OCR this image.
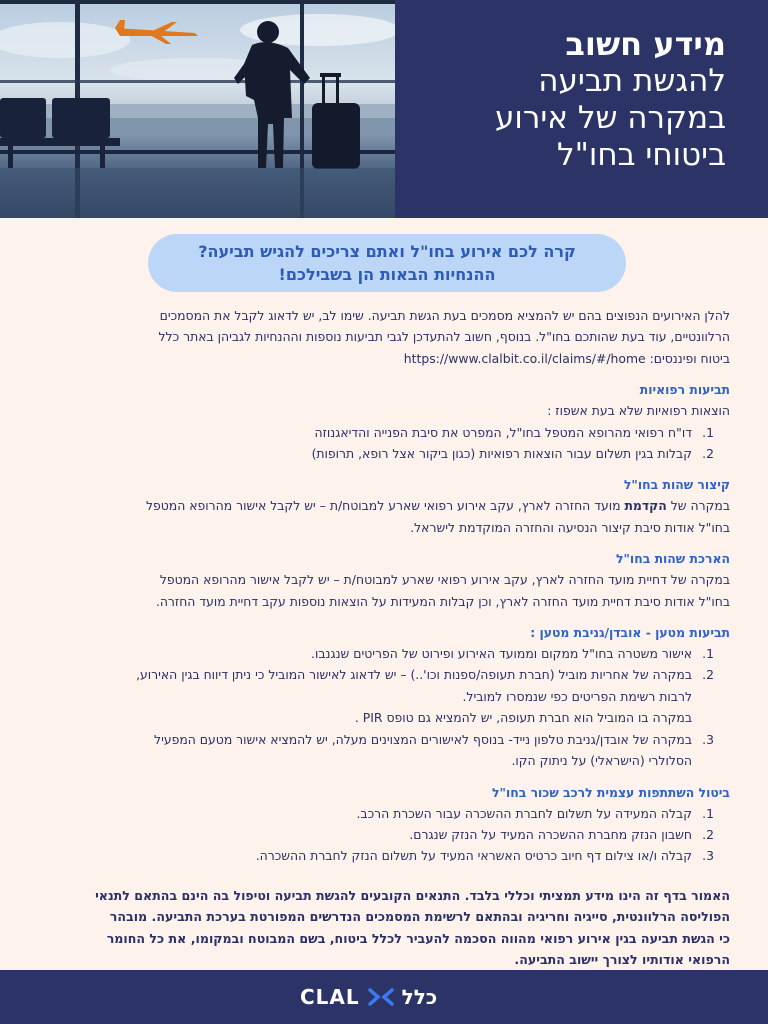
מידע חשוב
להגשת תביעה
במקרה של אירוע
ביטוחי בחו"ל
קרה לכם אירוע בחו"ל ואתם צריכים להגיש תביעה?
ההנחיות הבאות הן בשבילכם!
להלן האירועים הנפוצים בהם יש להמציא מסמכים בעת הגשת תביעה. שימו לב, יש לדאוג לקבל את המסמכים
הרלוונטיים, עוד בעת שהותכם בחו"ל. בנוסף, חשוב להתעדכן לגבי תביעות נוספות וההנחיות לגביהן באתר כלל
ביטוח ופיננסים: https://www.clalbit.co.il/claims/#/home
תביעות רפואיות
הוצאות רפואיות שלא בעת אשפוז :
1.
דו"ח רפואי מהרופא המטפל בחו"ל, המפרט את סיבת הפנייה והדיאגנוזה
2.
קבלות בגין תשלום עבור הוצאות רפואיות (כגון ביקור אצל רופא, תרופות)
קיצור שהות בחו"ל
במקרה של הקדמת מועד החזרה לארץ, עקב אירוע רפואי שארע למבוטח/ת – יש לקבל אישור מהרופא המטפל
בחו"ל אודות סיבת קיצור הנסיעה והחזרה המוקדמת לישראל.
הארכת שהות בחו"ל
במקרה של דחיית מועד החזרה לארץ, עקב אירוע רפואי שארע למבוטח/ת – יש לקבל אישור מהרופא המטפל
בחו"ל אודות סיבת דחיית מועד החזרה לארץ, וכן קבלות המעידות על הוצאות נוספות עקב דחיית מועד החזרה.
תביעות מטען - אובדן/גניבת מטען :
1.
אישור משטרה בחו"ל ממקום וממועד האירוע ופירוט של הפריטים שנגנבו.
2.
במקרה של אחריות מוביל (חברת תעופה/ספנות וכו'..) – יש לדאוג לאישור המוביל כי ניתן דיווח בגין האירוע,
לרבות רשימת הפריטים כפי שנמסרו למוביל.
במקרה בו המוביל הוא חברת תעופה, יש להמציא גם טופס PIR .
3.
במקרה של אובדן/גניבת טלפון נייד- בנוסף לאישורים המצוינים מעלה, יש להמציא אישור מטעם המפעיל
הסלולרי (הישראלי) על ניתוק הקו.
ביטול השתתפות עצמית לרכב שכור בחו"ל
1.
קבלה המעידה על תשלום לחברת ההשכרה עבור השכרת הרכב.
2.
חשבון הנזק מחברת ההשכרה המעיד על הנזק שנגרם.
3.
קבלה ו/או צילום דף חיוב כרטיס האשראי המעיד על תשלום הנזק לחברת ההשכרה.
האמור בדף זה הינו מידע תמציתי וכללי בלבד. התנאים הקובעים להגשת תביעה וטיפול בה הינם בהתאם לתנאי
הפוליסה הרלוונטית, סייגיה וחריגיה ובהתאם לרשימת המסמכים הנדרשים המפורטת בערכת התביעה. מובהר
כי הגשת תביעה בגין אירוע רפואי מהווה הסכמה להעביר לכלל ביטוח, בשם המבוטח ובמקומו, את כל החומר
הרפואי אודותיו לצורך יישוב התביעה.
כלל
CLAL
